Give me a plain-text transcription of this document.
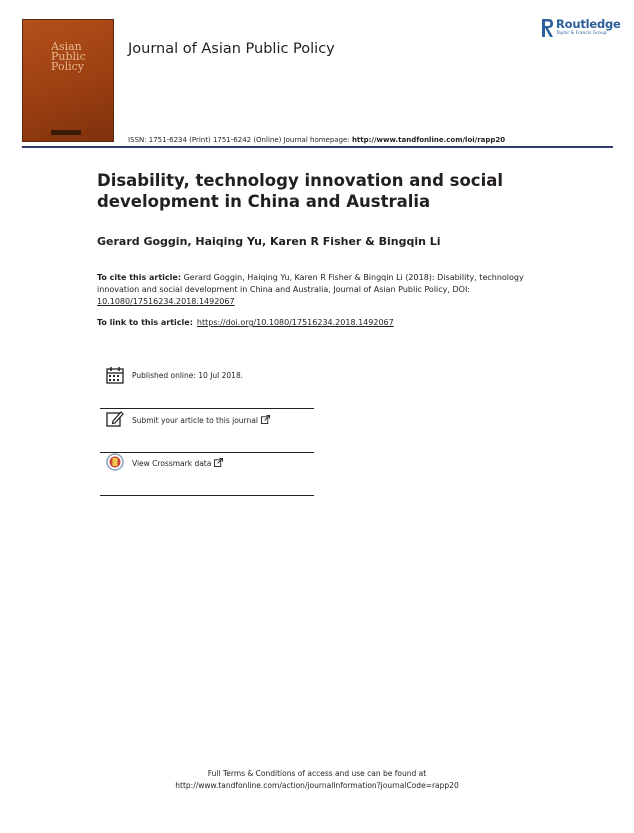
Asian
Public
Policy
Journal of Asian Public Policy
Routledge
Taylor & Francis Group
ISSN: 1751-6234 (Print) 1751-6242 (Online) Journal homepage: http://www.tandfonline.com/loi/rapp20
Disability, technology innovation and social development in China and Australia
Gerard Goggin, Haiqing Yu, Karen R Fisher & Bingqin Li
To cite this article: Gerard Goggin, Haiqing Yu, Karen R Fisher & Bingqin Li (2018): Disability, technology innovation and social development in China and Australia, Journal of Asian Public Policy, DOI: 10.1080/17516234.2018.1492067
To link to this article: https://doi.org/10.1080/17516234.2018.1492067
Published online: 10 Jul 2018.
Submit your article to this journal
View Crossmark data
Full Terms & Conditions of access and use can be found at
http://www.tandfonline.com/action/journalInformation?journalCode=rapp20
